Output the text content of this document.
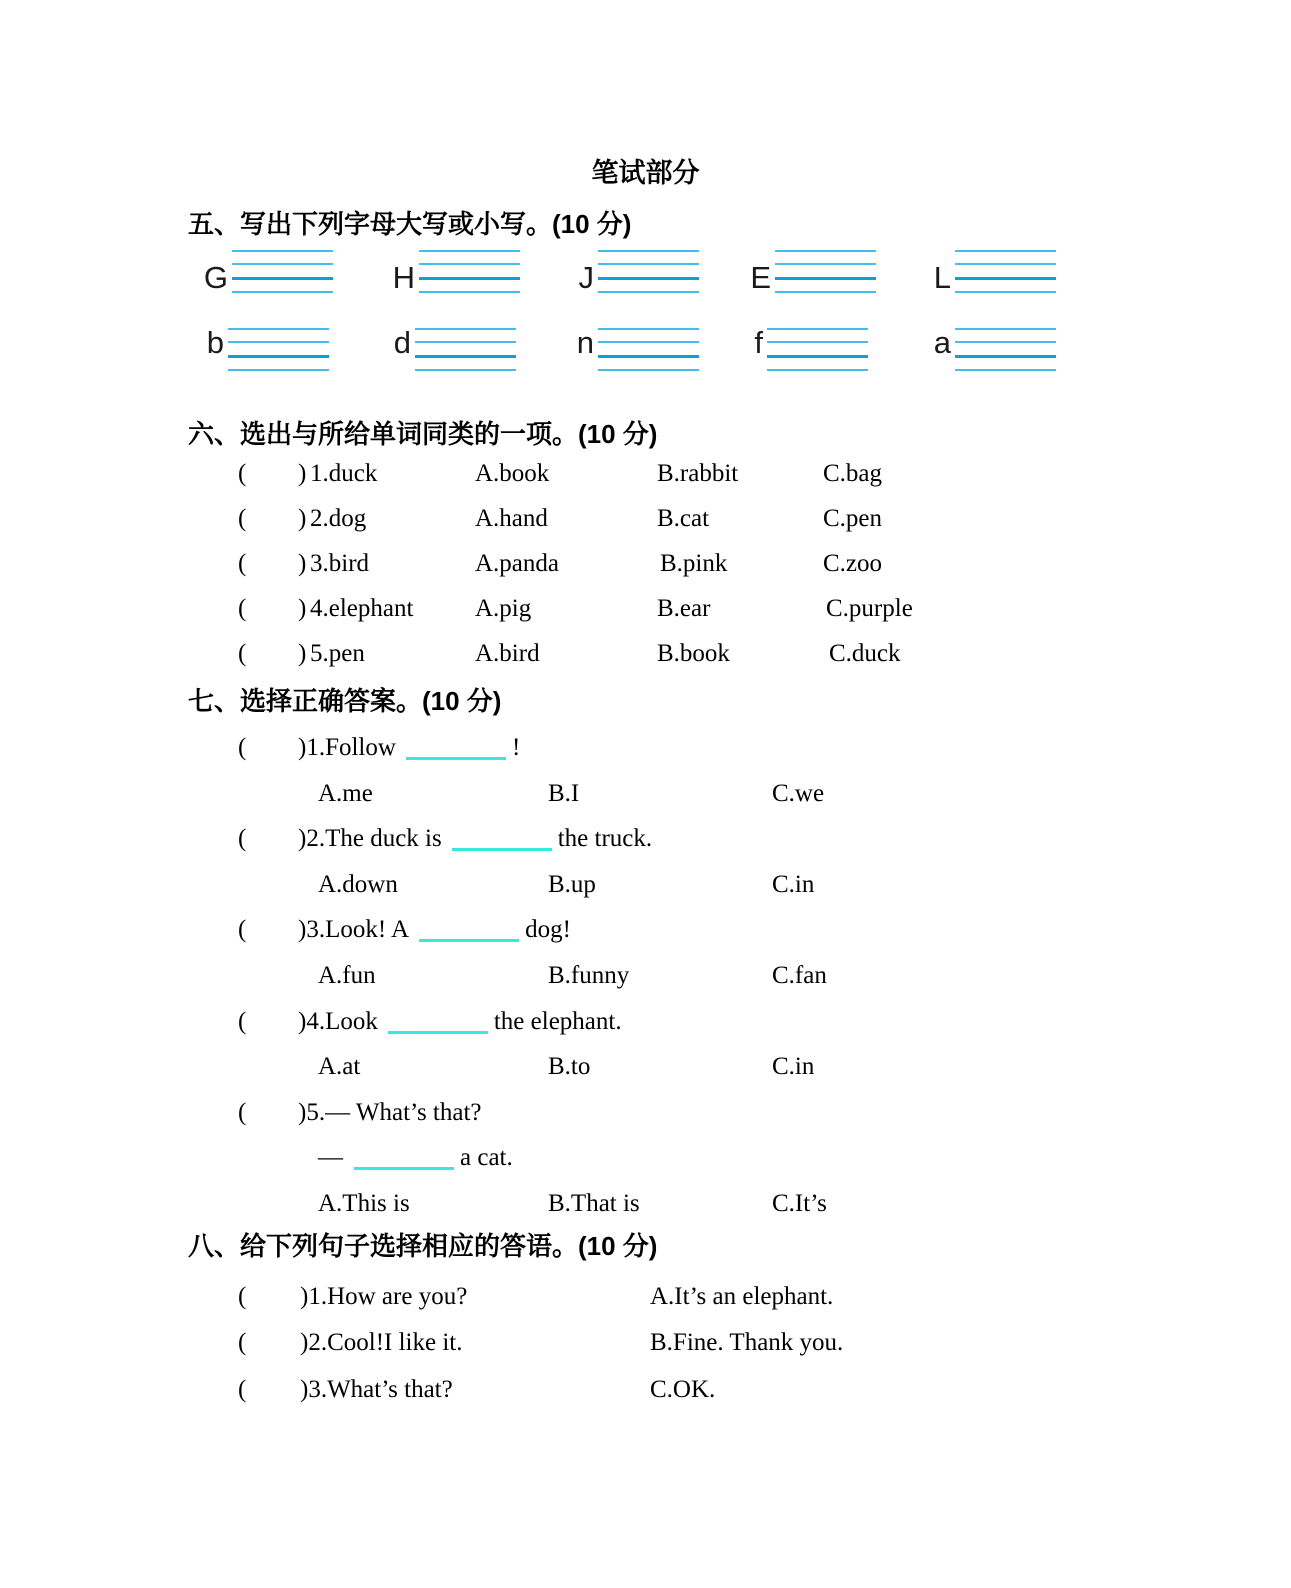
笔试部分
五、写出下列字母大写或小写。(10 分)
G	H	J	E	L
b	d	n	f	a
六、选出与所给单词同类的一项。(10 分)
( ) 1.duck	A.book	B.rabbit	C.bag
( ) 2.dog	A.hand	B.cat	C.pen
( ) 3.bird	A.panda	B.pink	C.zoo
( ) 4.elephant A.pig	B.ear	C.purple
( ) 5.pen	A.bird	B.book	C.duck
七、选择正确答案。(10 分)
( )1.Follow	!
A.me	B.I	C.we
( )2.The duck is	the truck.
A.down	B.up	C.in
( )3.Look! A	dog!
A.fun	B.funny	C.fan
( )4.Look	the elephant.
A.at	B.to	C.in
( )5.— What’s that?
—	a cat.
A.This is	B.That is	C.It’s
八、给下列句子选择相应的答语。(10 分)
( )1.How are you?	A.It’s an elephant.
( )2.Cool!I like it.	B.Fine. Thank you.
( )3.What’s that?	C.OK.
